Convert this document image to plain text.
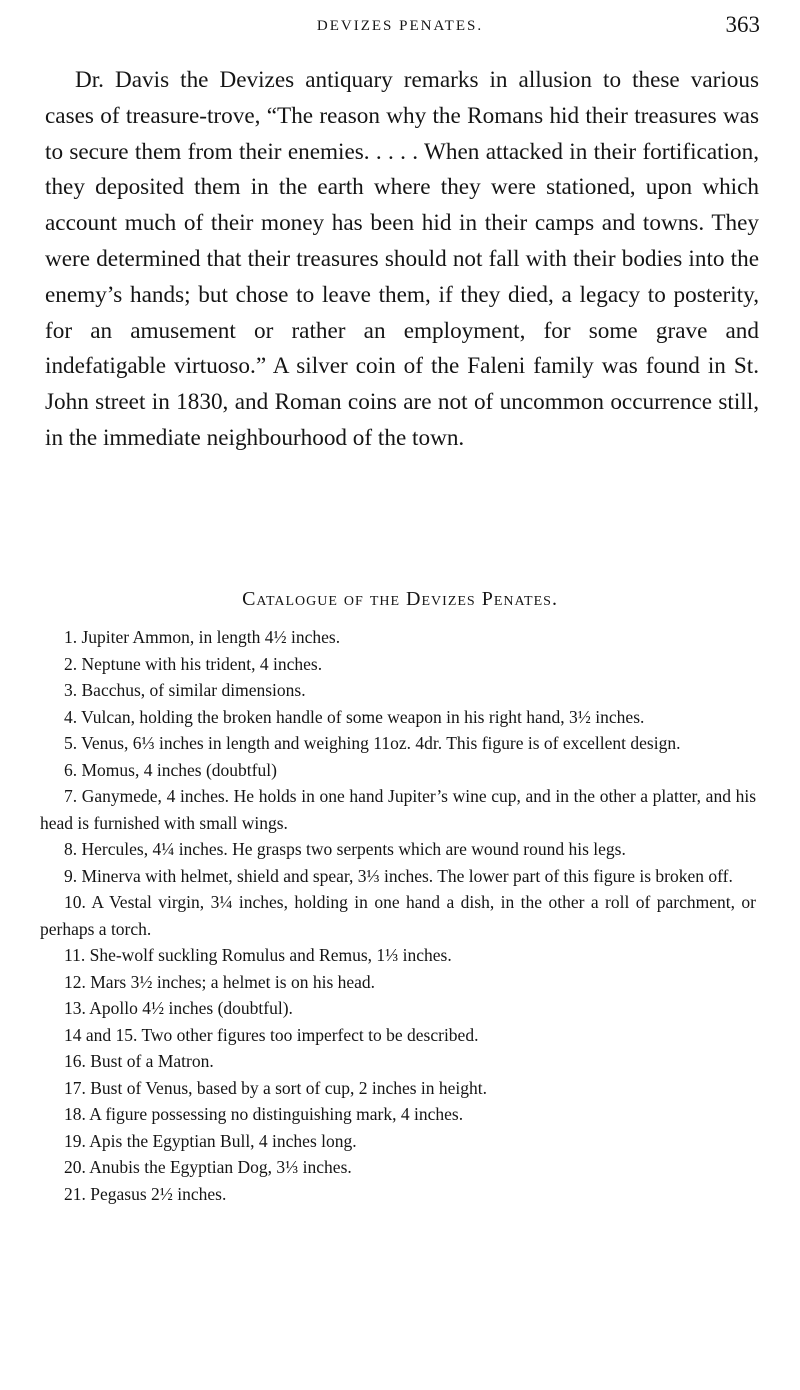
DEVIZES PENATES.	363

Dr. Davis the Devizes antiquary remarks in allusion to these various cases of treasure-trove, “The reason why the Romans hid their treasures was to secure them from their enemies. . . . . When attacked in their fortification, they deposited them in the earth where they were stationed, upon which account much of their money has been hid in their camps and towns. They were determined that their treasures should not fall with their bodies into the enemy’s hands; but chose to leave them, if they died, a legacy to posterity, for an amusement or rather an employment, for some grave and indefatigable virtuoso.” A silver coin of the Faleni family was found in St. John street in 1830, and Roman coins are not of uncommon occurrence still, in the immediate neighbourhood of the town.

Catalogue of the Devizes Penates.
1. Jupiter Ammon, in length 4½ inches.
2. Neptune with his trident, 4 inches.
3. Bacchus, of similar dimensions.
4. Vulcan, holding the broken handle of some weapon in his right hand, 3½ inches.
5. Venus, 6⅓ inches in length and weighing 11oz. 4dr. This figure is of excellent design.
6. Momus, 4 inches (doubtful)
7. Ganymede, 4 inches. He holds in one hand Jupiter’s wine cup, and in the other a platter, and his head is furnished with small wings.
8. Hercules, 4¼ inches. He grasps two serpents which are wound round his legs.
9. Minerva with helmet, shield and spear, 3⅓ inches. The lower part of this figure is broken off.
10. A Vestal virgin, 3¼ inches, holding in one hand a dish, in the other a roll of parchment, or perhaps a torch.
11. She-wolf suckling Romulus and Remus, 1⅓ inches.
12. Mars 3½ inches; a helmet is on his head.
13. Apollo 4½ inches (doubtful).
14 and 15. Two other figures too imperfect to be described.
16. Bust of a Matron.
17. Bust of Venus, based by a sort of cup, 2 inches in height.
18. A figure possessing no distinguishing mark, 4 inches.
19. Apis the Egyptian Bull, 4 inches long.
20. Anubis the Egyptian Dog, 3⅓ inches.
21. Pegasus 2½ inches.
